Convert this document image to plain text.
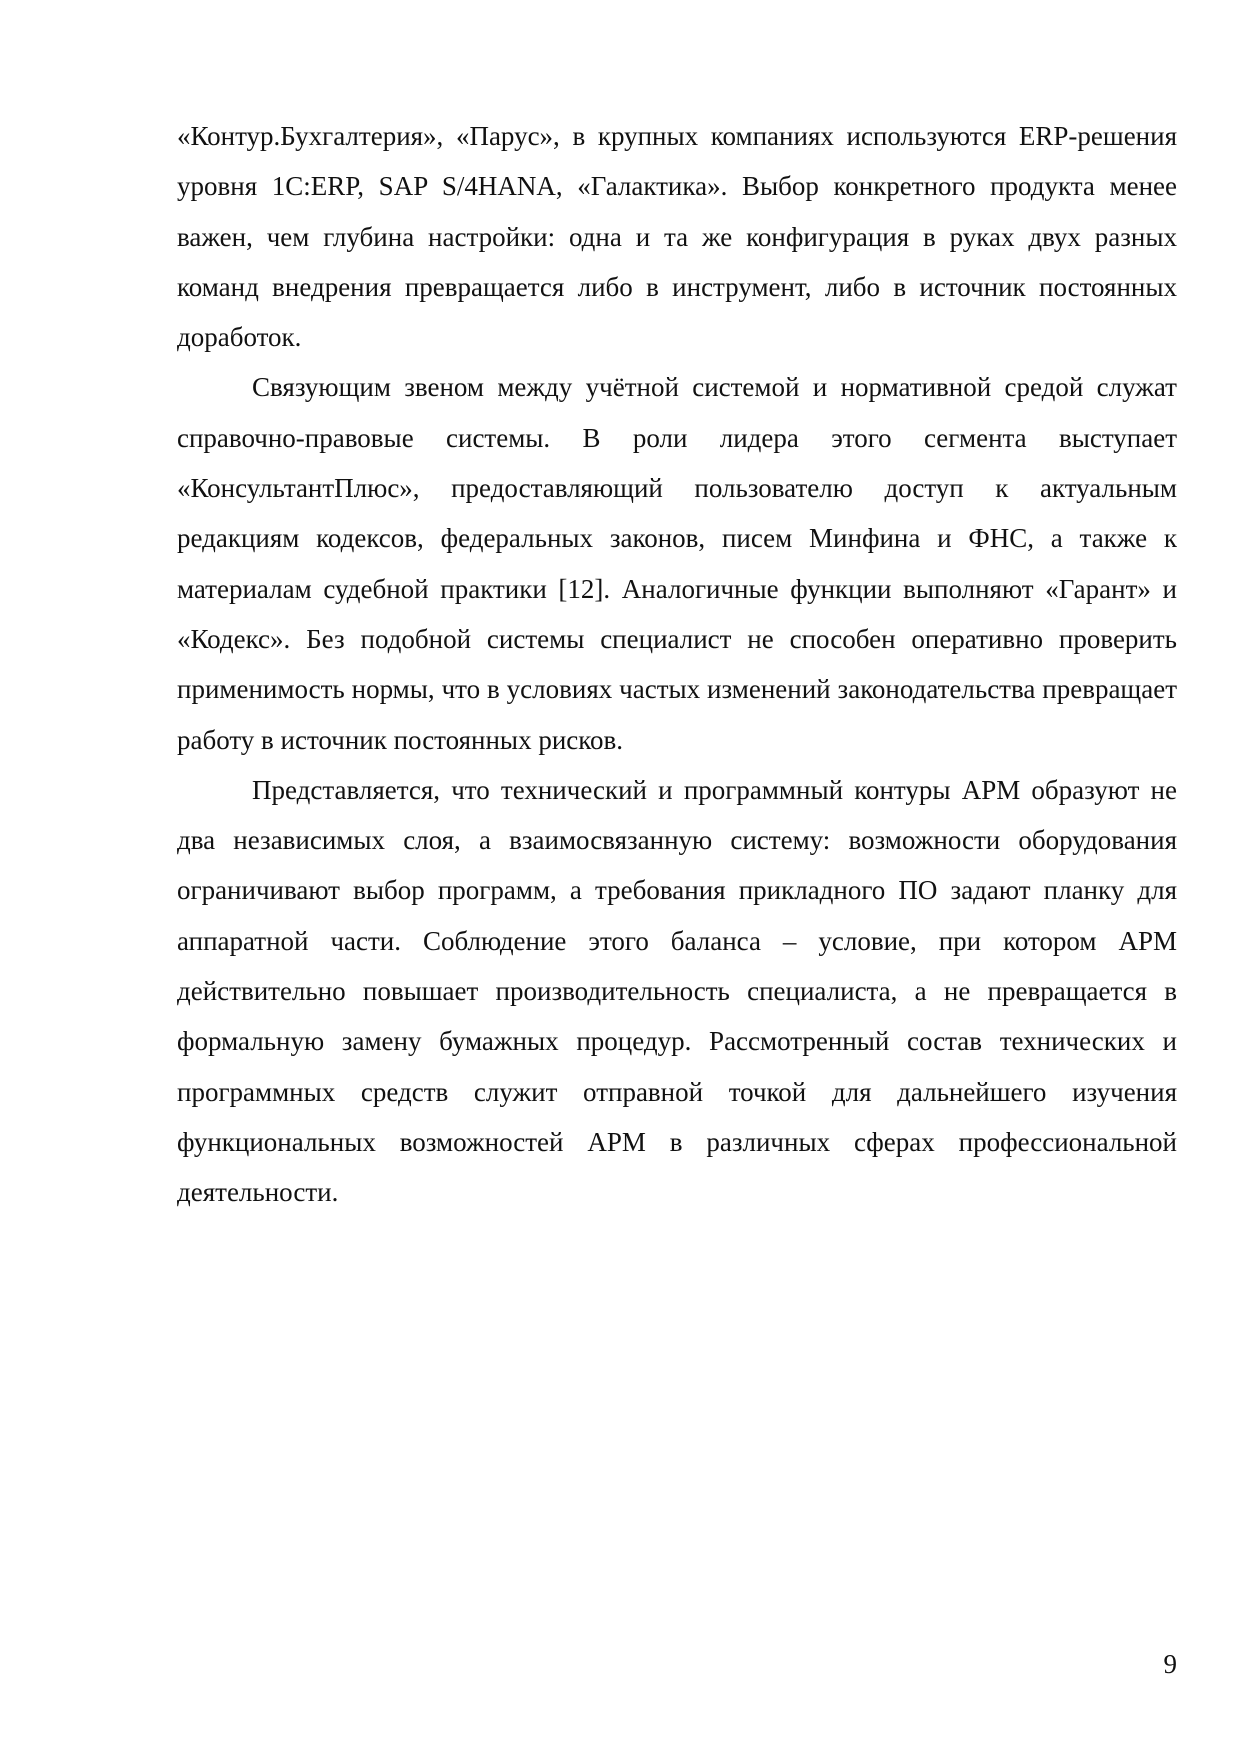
«Контур.Бухгалтерия», «Парус», в крупных компаниях используются ERP-решения уровня 1С:ERP, SAP S/4HANA, «Галактика». Выбор конкретного продукта менее важен, чем глубина настройки: одна и та же конфигурация в руках двух разных команд внедрения превращается либо в инструмент, либо в источник постоянных доработок.

Связующим звеном между учётной системой и нормативной средой служат справочно-правовые системы. В роли лидера этого сегмента выступает «КонсультантПлюс», предоставляющий пользователю доступ к актуальным редакциям кодексов, федеральных законов, писем Минфина и ФНС, а также к материалам судебной практики [12]. Аналогичные функции выполняют «Гарант» и «Кодекс». Без подобной системы специалист не способен оперативно проверить применимость нормы, что в условиях частых изменений законодательства превращает работу в источник постоянных рисков.

Представляется, что технический и программный контуры АРМ образуют не два независимых слоя, а взаимосвязанную систему: возможности оборудования ограничивают выбор программ, а требования прикладного ПО задают планку для аппаратной части. Соблюдение этого баланса – условие, при котором АРМ действительно повышает производительность специалиста, а не превращается в формальную замену бумажных процедур. Рассмотренный состав технических и программных средств служит отправной точкой для дальнейшего изучения функциональных возможностей АРМ в различных сферах профессиональной деятельности.

9
